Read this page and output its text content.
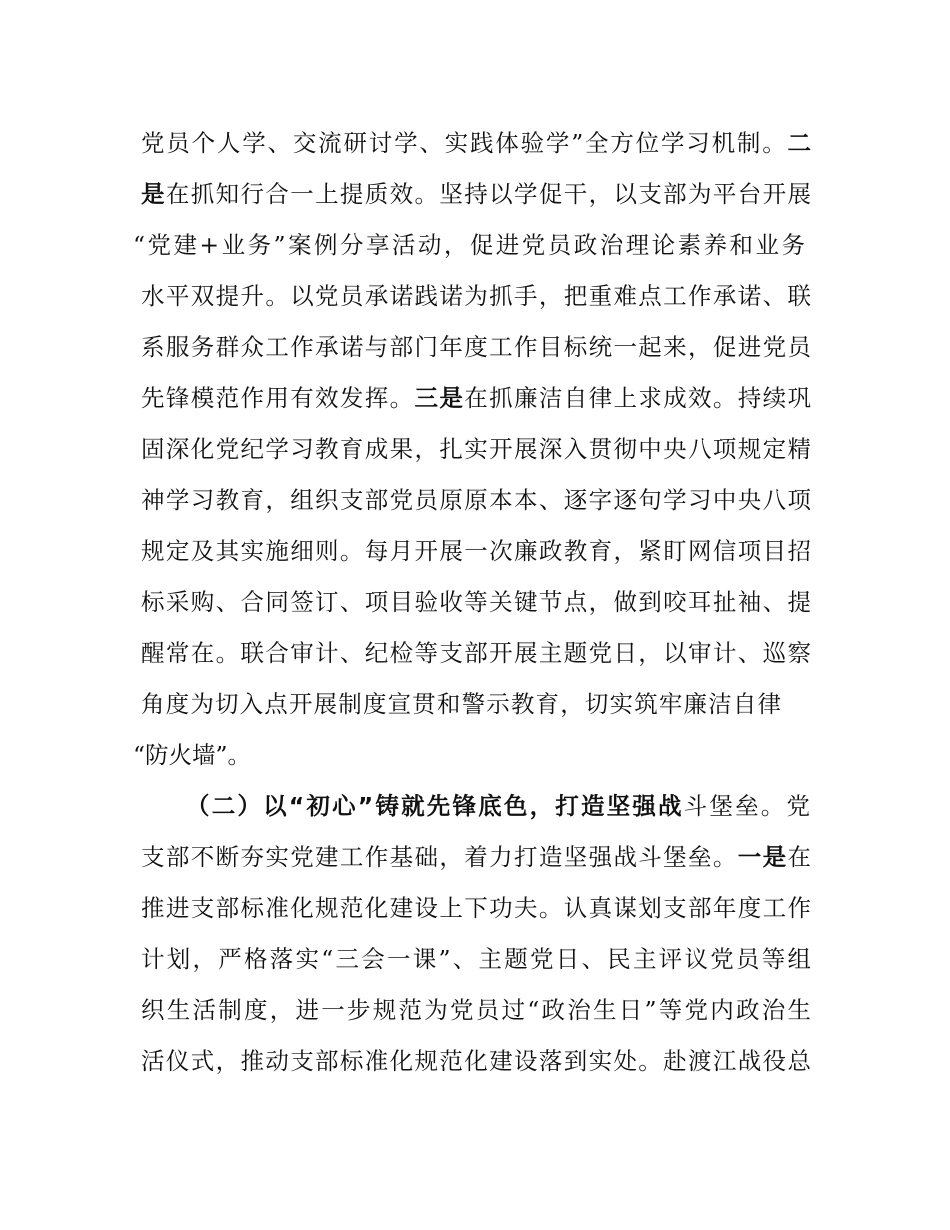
党员个人学、交流研讨学、实践体验学”全方位学习机制。二
是在抓知行合一上提质效。坚持以学促干，以支部为平台开展
“党建+业务”案例分享活动，促进党员政治理论素养和业务
水平双提升。以党员承诺践诺为抓手，把重难点工作承诺、联
系服务群众工作承诺与部门年度工作目标统一起来，促进党员
先锋模范作用有效发挥。三是在抓廉洁自律上求成效。持续巩
固深化党纪学习教育成果，扎实开展深入贯彻中央八项规定精
神学习教育，组织支部党员原原本本、逐字逐句学习中央八项
规定及其实施细则。每月开展一次廉政教育，紧盯网信项目招
标采购、合同签订、项目验收等关键节点，做到咬耳扯袖、提
醒常在。联合审计、纪检等支部开展主题党日，以审计、巡察
角度为切入点开展制度宣贯和警示教育，切实筑牢廉洁自律
“防火墙”。
（二）以“初心”铸就先锋底色，打造坚强战斗堡垒。党
支部不断夯实党建工作基础，着力打造坚强战斗堡垒。一是在
推进支部标准化规范化建设上下功夫。认真谋划支部年度工作
计划，严格落实“三会一课”、主题党日、民主评议党员等组
织生活制度，进一步规范为党员过“政治生日”等党内政治生
活仪式，推动支部标准化规范化建设落到实处。赴渡江战役总
